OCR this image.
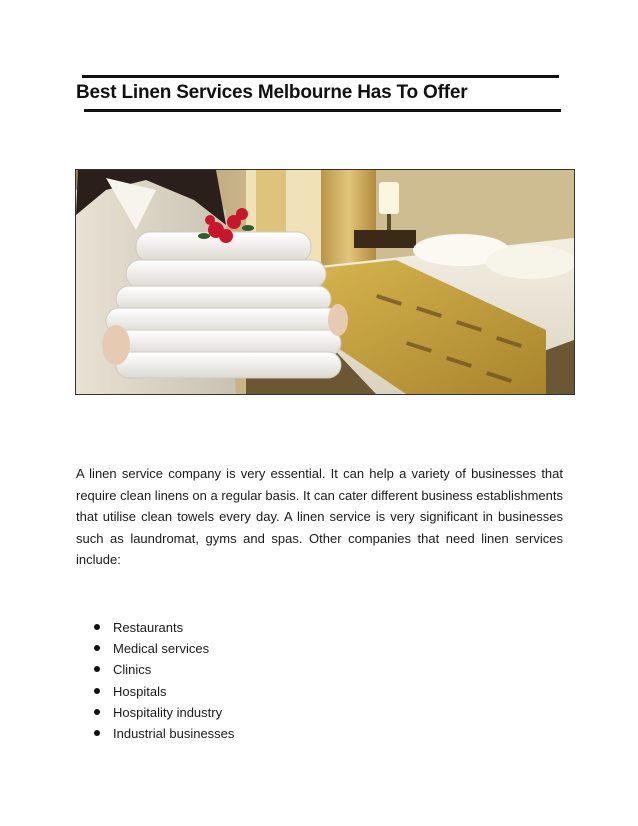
Best Linen Services Melbourne Has To Offer

A linen service company is very essential. It can help a variety of businesses that require clean linens on a regular basis. It can cater different business establishments that utilise clean towels every day. A linen service is very significant in businesses such as laundromat, gyms and spas. Other companies that need linen services include:

Restaurants
Medical services
Clinics
Hospitals
Hospitality industry
Industrial businesses
